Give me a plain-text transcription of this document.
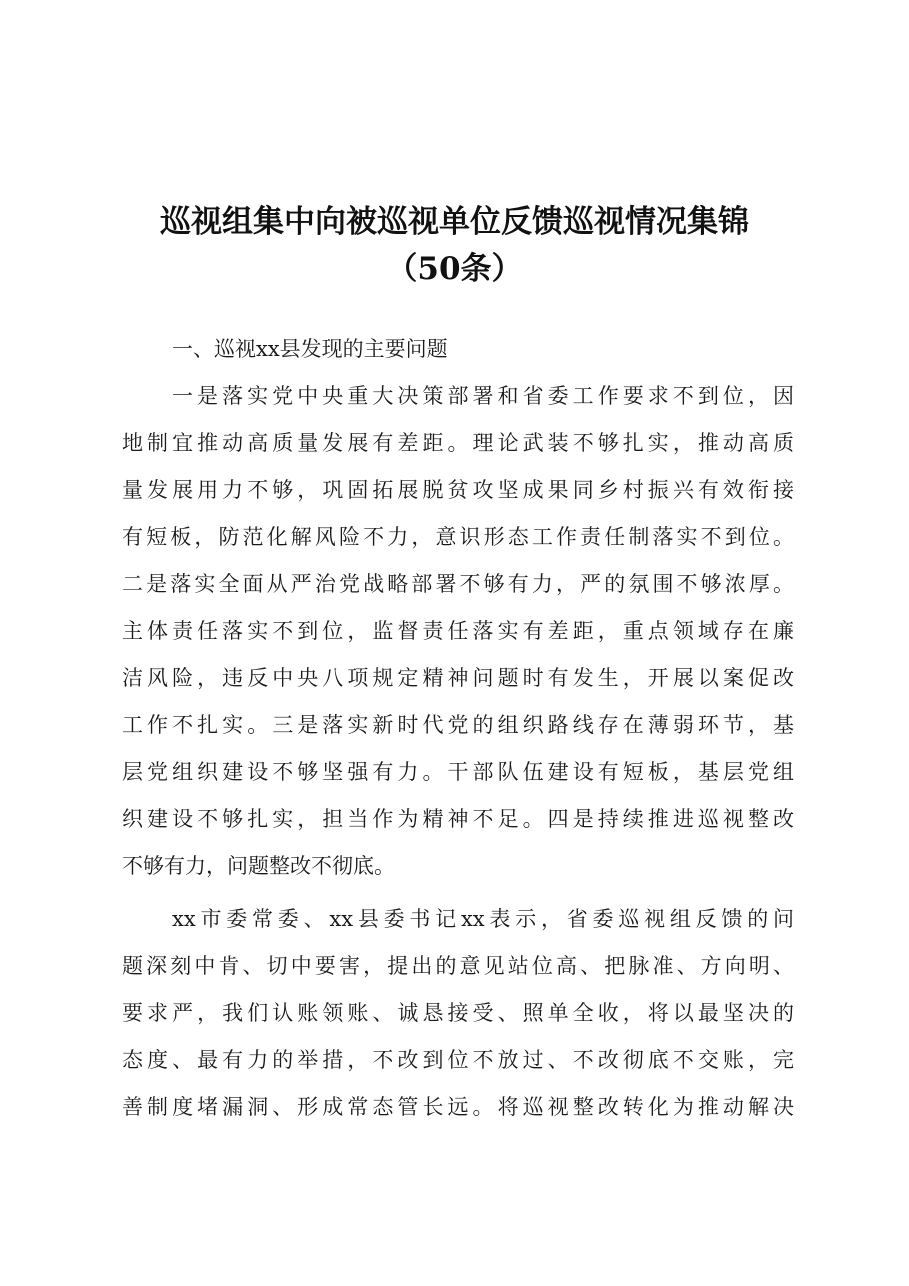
巡视组集中向被巡视单位反馈巡视情况集锦
（50条）

一、巡视xx县发现的主要问题

一是落实党中央重大决策部署和省委工作要求不到位，因

地制宜推动高质量发展有差距。理论武装不够扎实，推动高质

量发展用力不够，巩固拓展脱贫攻坚成果同乡村振兴有效衔接

有短板，防范化解风险不力，意识形态工作责任制落实不到位。

二是落实全面从严治党战略部署不够有力，严的氛围不够浓厚。

主体责任落实不到位，监督责任落实有差距，重点领域存在廉

洁风险，违反中央八项规定精神问题时有发生，开展以案促改

工作不扎实。三是落实新时代党的组织路线存在薄弱环节，基

层党组织建设不够坚强有力。干部队伍建设有短板，基层党组

织建设不够扎实，担当作为精神不足。四是持续推进巡视整改

不够有力，问题整改不彻底。

xx市委常委、xx县委书记xx表示，省委巡视组反馈的问

题深刻中肯、切中要害，提出的意见站位高、把脉准、方向明、

要求严，我们认账领账、诚恳接受、照单全收，将以最坚决的

态度、最有力的举措，不改到位不放过、不改彻底不交账，完

善制度堵漏洞、形成常态管长远。将巡视整改转化为推动解决
